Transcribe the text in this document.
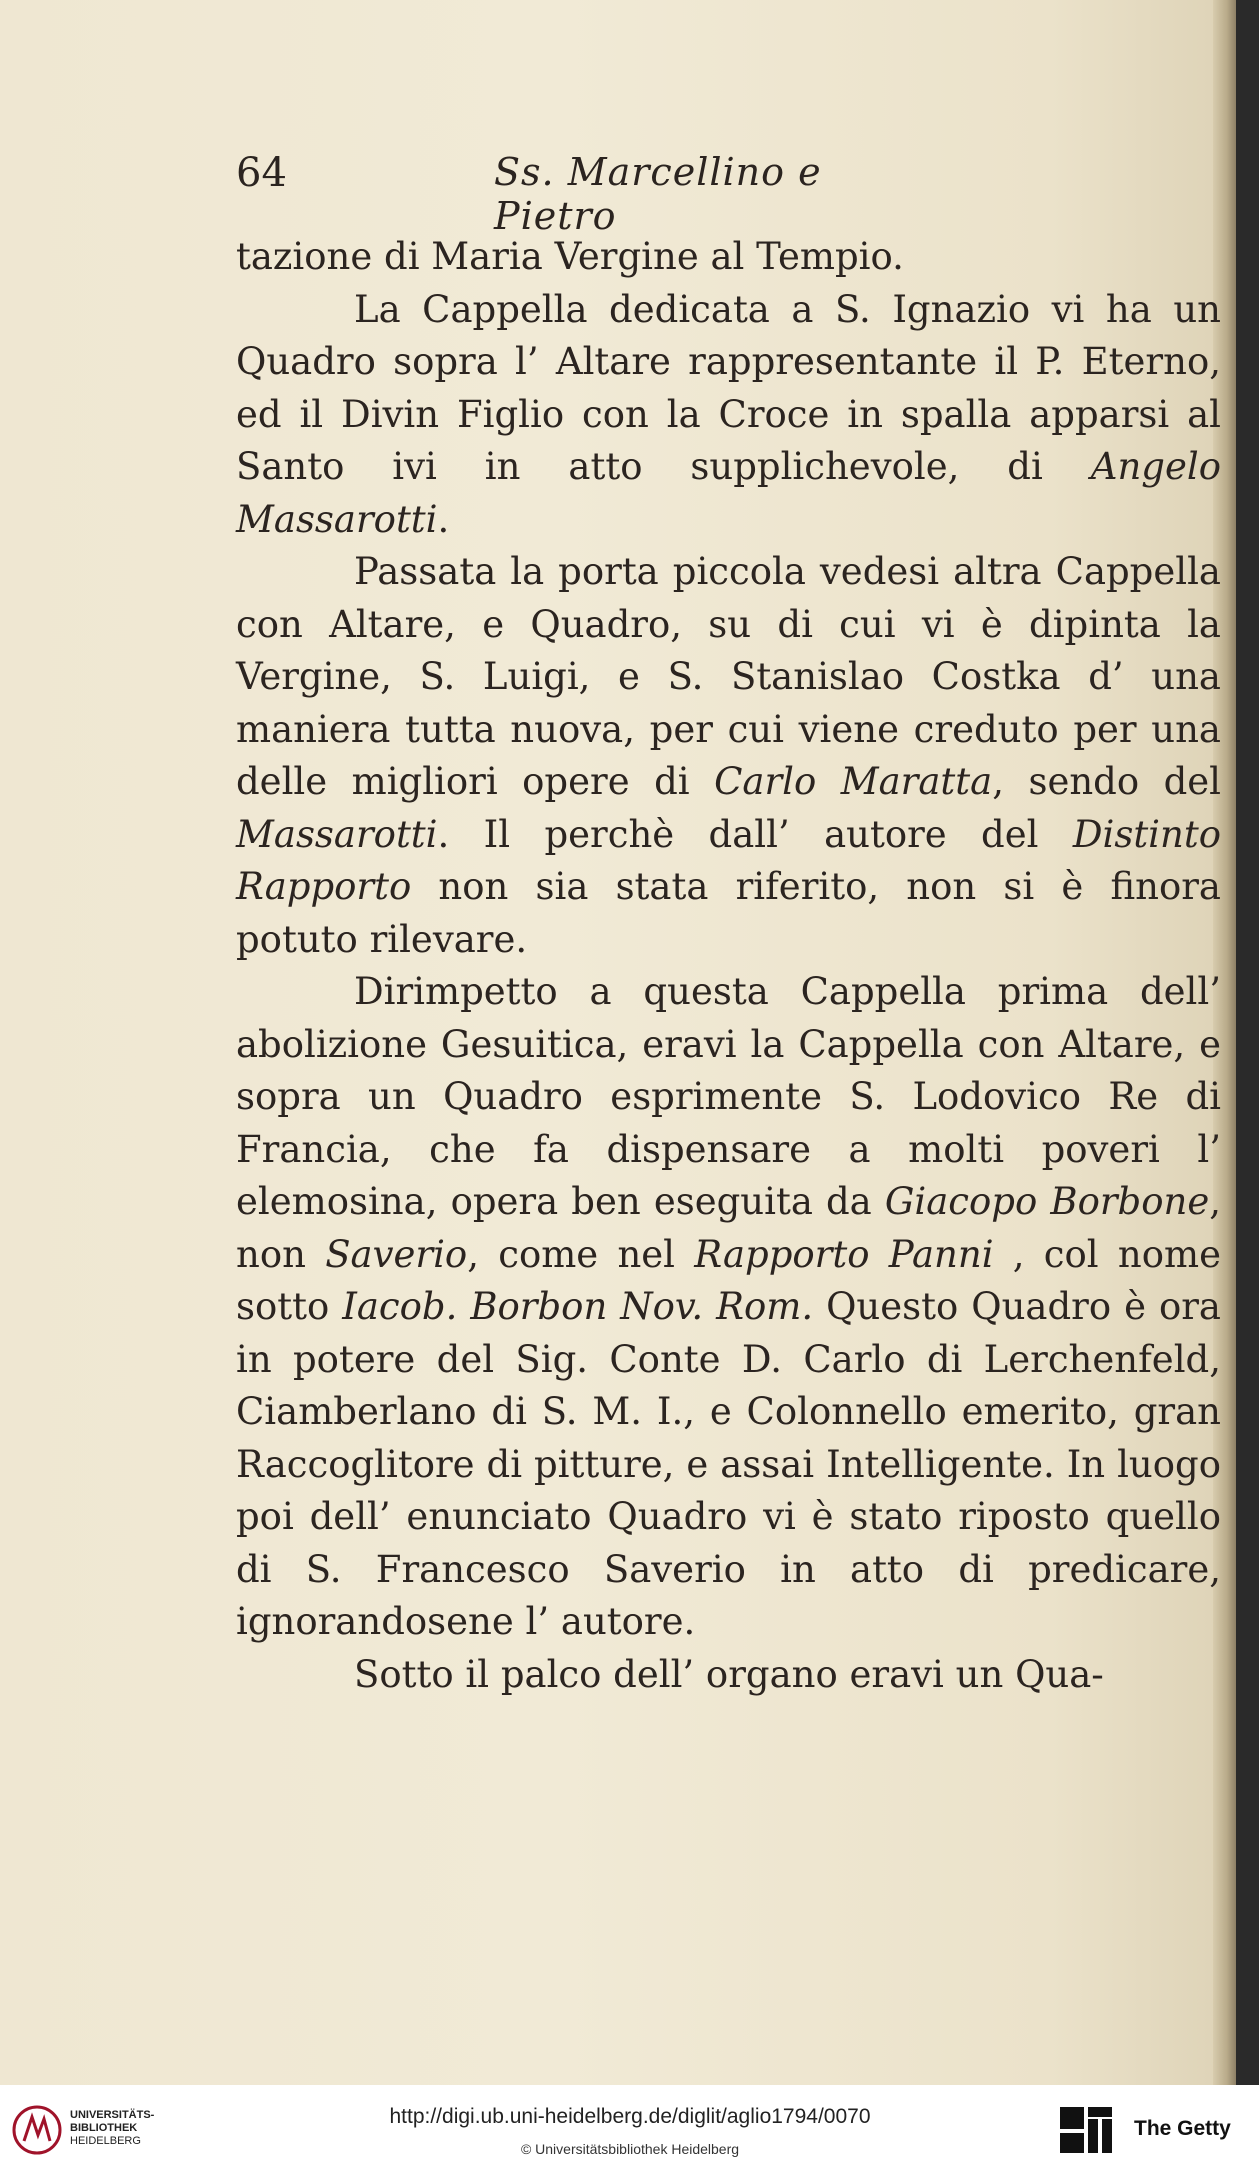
64	Ss. Marcellino e Pietro

tazione di Maria Vergine al Tempio.

La Cappella dedicata a S. Ignazio vi ha un Quadro sopra l’ Altare rappresentante il P. Eterno, ed il Divin Figlio con la Croce in spalla apparsi al Santo ivi in atto supplichevole, di Angelo Massarotti.

Passata la porta piccola vedesi altra Cappella con Altare, e Quadro, su di cui vi è dipinta la Vergine, S. Luigi, e S. Stanislao Costka d’ una maniera tutta nuova, per cui viene creduto per una delle migliori opere di Carlo Maratta, sendo del Massarotti. Il perchè dall’ autore del Distinto Rapporto non sia stata riferito, non si è finora potuto rilevare.

Dirimpetto a questa Cappella prima dell’ abolizione Gesuitica, eravi la Cappella con Altare, e sopra un Quadro esprimente S. Lodovico Re di Francia, che fa dispensare a molti poveri l’ elemosina, opera ben eseguita da Giacopo Borbone, non Saverio, come nel Rapporto Panni , col nome sotto Iacob. Borbon Nov. Rom. Questo Quadro è ora in potere del Sig. Conte D. Carlo di Lerchenfeld, Ciamberlano di S. M. I., e Colonnello emerito, gran Raccoglitore di pitture, e assai Intelligente. In luogo poi dell’ enunciato Quadro vi è stato riposto quello di S. Francesco Saverio in atto di predicare, ignorandosene l’ autore.

Sotto il palco dell’ organo eravi un Qua-

UNIVERSITÄTS-
BIBLIOTHEK
HEIDELBERG
http://digi.ub.uni-heidelberg.de/diglit/aglio1794/0070
© Universitätsbibliothek Heidelberg
The Getty
